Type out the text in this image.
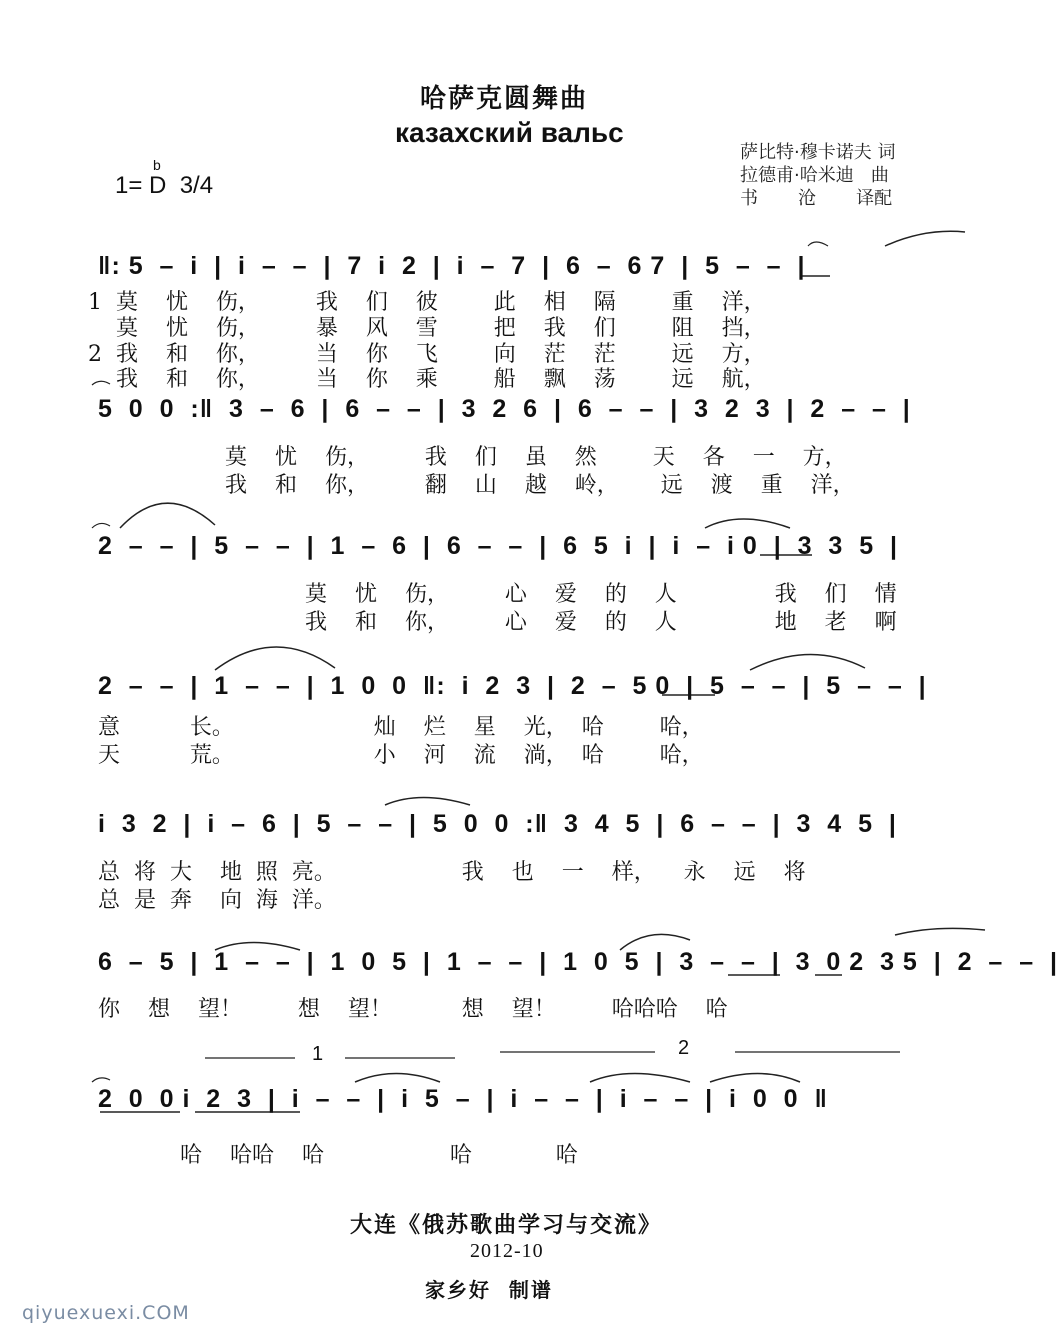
哈萨克圆舞曲
казахский вальс
b
1= D  3/4
萨比特·穆卡诺夫 词
拉德甫·哈米迪   曲
书       沧       译配
‖: 5  –  i  |  i  –  –  |  7  i  2  |  i  –  7  |  6  –  6 7  |  5  –  –  |
1  莫    忧    伤，        我    们    彼        此    相    隔        重    洋，
莫    忧    伤，        暴    风    雪        把    我    们        阻    挡，
2  我    和    你，        当    你    飞        向    茫    茫        远    方，
我    和    你，        当    你    乘        船    飘    荡        远    航，
5  0  0  :‖  3  –  6  |  6  –  –  |  3  2  6  |  6  –  –  |  3  2  3  |  2  –  –  |
莫    忧    伤，        我    们    虽    然        天    各    一    方，
我    和    你，        翻    山    越    岭，      远    渡    重    洋，
2  –  –  |  5  –  –  |  1  –  6  |  6  –  –  |  6  5  i  |  i  –  i 0  |  3  3  5  |
莫    忧    伤，        心    爱    的    人              我    们    情
我    和    你，        心    爱    的    人              地    老    啊
2  –  –  |  1  –  –  |  1  0  0  ‖:  i  2  3  |  2  –  5 0  |  5  –  –  |  5  –  –  |
意          长。                    灿    烂    星    光，  哈        哈，
天          荒。                    小    河    流    淌，  哈        哈，
i  3  2  |  i  –  6  |  5  –  –  |  5  0  0  :‖  3  4  5  |  6  –  –  |  3  4  5  |
总  将  大    地  照  亮。                  我    也    一    样，    永    远    将
总  是  奔    向  海  洋。
6  –  5  |  1  –  –  |  1  0  5  |  1  –  –  |  1  0  5  |  3  –  –  |  3  0 2  3 5  |  2  –  –  |
你    想    望！        想    望！          想    望！        哈哈哈    哈
1	2
2  0  0 i  2  3  |  i  –  –  |  i  5  –  |  i  –  –  |  i  –  –  |  i  0  0  ‖
哈    哈哈    哈                  哈            哈
大连《俄苏歌曲学习与交流》
2012-10
家乡好  制谱
qiyuexuexi.COM
